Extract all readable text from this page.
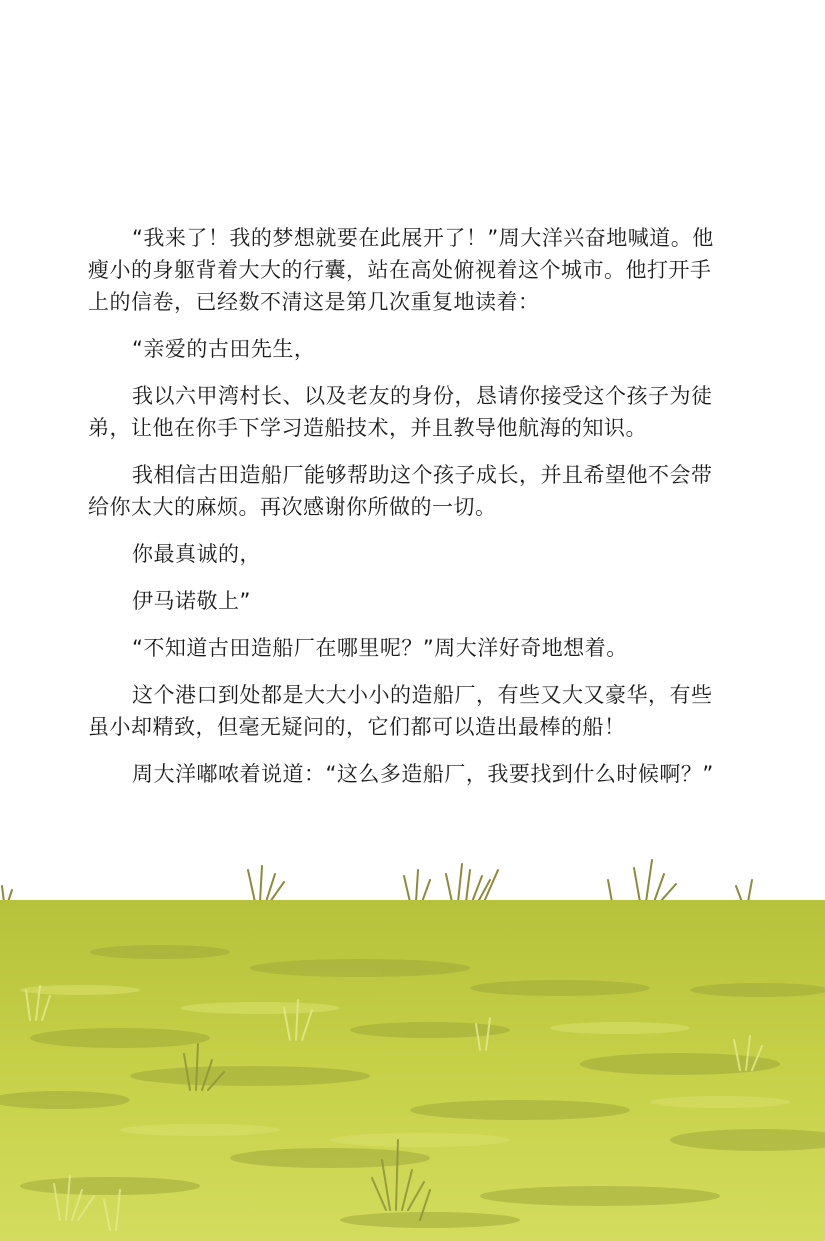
“我来了！我的梦想就要在此展开了！”周大洋兴奋地喊道。他瘦小的身躯背着大大的行囊，站在高处俯视着这个城市。他打开手上的信卷，已经数不清这是第几次重复地读着：

“亲爱的古田先生，

我以六甲湾村长、以及老友的身份，恳请你接受这个孩子为徒弟，让他在你手下学习造船技术，并且教导他航海的知识。

我相信古田造船厂能够帮助这个孩子成长，并且希望他不会带给你太大的麻烦。再次感谢你所做的一切。

你最真诚的，

伊马诺敬上”

“不知道古田造船厂在哪里呢？”周大洋好奇地想着。

这个港口到处都是大大小小的造船厂，有些又大又豪华，有些虽小却精致，但毫无疑问的，它们都可以造出最棒的船！

周大洋嘟哝着说道：“这么多造船厂，我要找到什么时候啊？”
